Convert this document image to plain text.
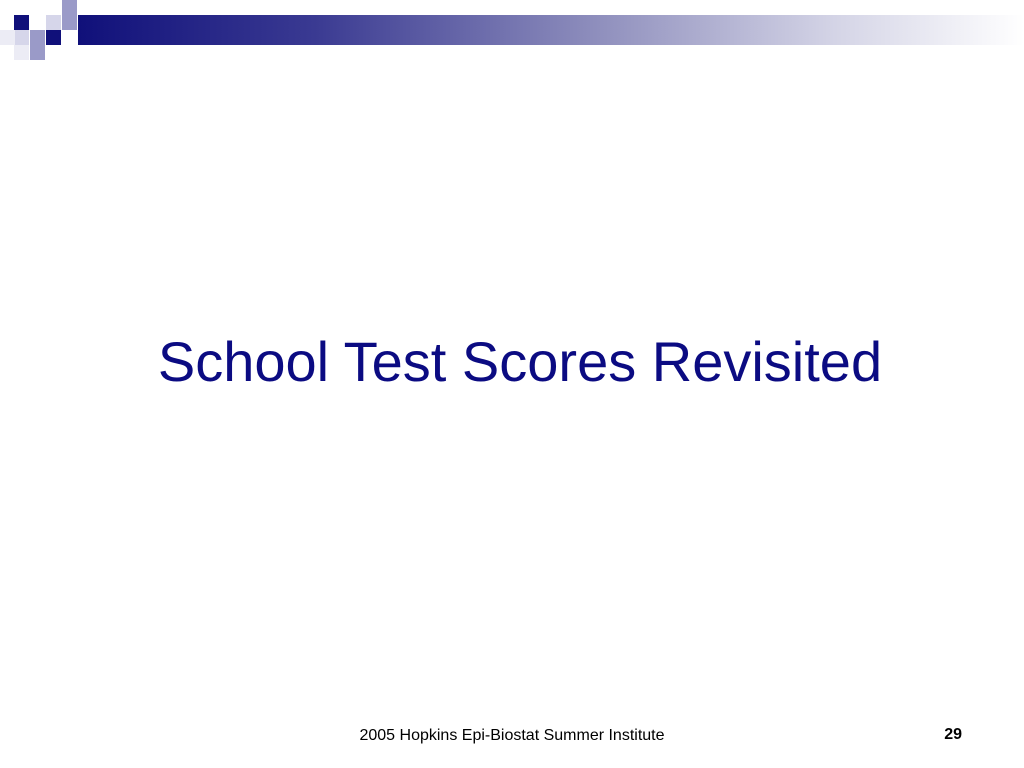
School Test Scores Revisited
2005 Hopkins Epi-Biostat Summer Institute	29
